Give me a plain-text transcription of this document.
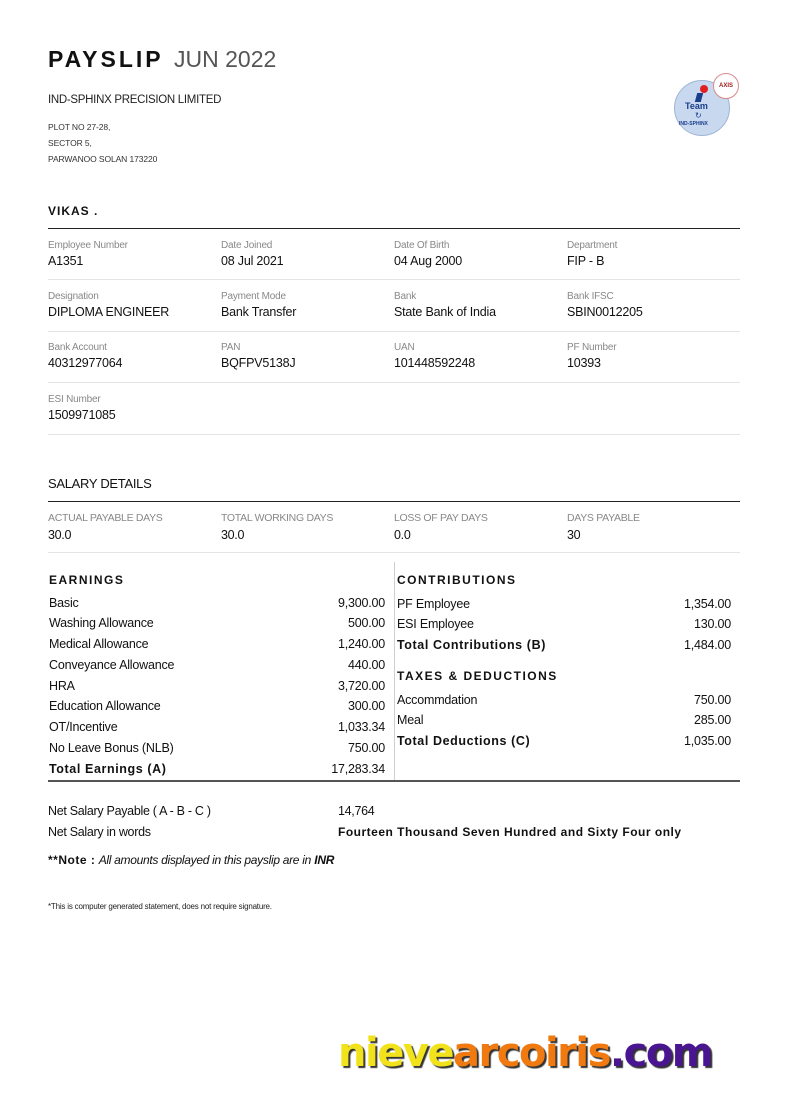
PAYSLIP JUN 2022
IND-SPHINX PRECISION LIMITED
PLOT NO 27-28,
SECTOR 5,
PARWANOO SOLAN 173220
Team
↻
IND-SPHINX
AXIS
VIKAS .
Employee Number
A1351
Date Joined
08 Jul 2021
Date Of Birth
04 Aug 2000
Department
FIP - B
Designation
DIPLOMA ENGINEER
Payment Mode
Bank Transfer
Bank
State Bank of India
Bank IFSC
SBIN0012205
Bank Account
40312977064
PAN
BQFPV5138J
UAN
101448592248
PF Number
10393
ESI Number
1509971085
SALARY DETAILS
ACTUAL PAYABLE DAYS
30.0
TOTAL WORKING DAYS
30.0
LOSS OF PAY DAYS
0.0
DAYS PAYABLE
30
EARNINGS
Basic	9,300.00
Washing Allowance	500.00
Medical Allowance	1,240.00
Conveyance Allowance	440.00
HRA	3,720.00
Education Allowance	300.00
OT/Incentive	1,033.34
No Leave Bonus (NLB)	750.00
Total Earnings (A)	17,283.34
CONTRIBUTIONS
PF Employee	1,354.00
ESI Employee	130.00
Total Contributions (B)	1,484.00
TAXES & DEDUCTIONS
Accommdation	750.00
Meal	285.00
Total Deductions (C)	1,035.00
Net Salary Payable ( A - B - C )	14,764
Net Salary in words	Fourteen Thousand Seven Hundred and Sixty Four only
**Note : All amounts displayed in this payslip are in INR
*This is computer generated statement, does not require signature.
nievearcoiris.com
